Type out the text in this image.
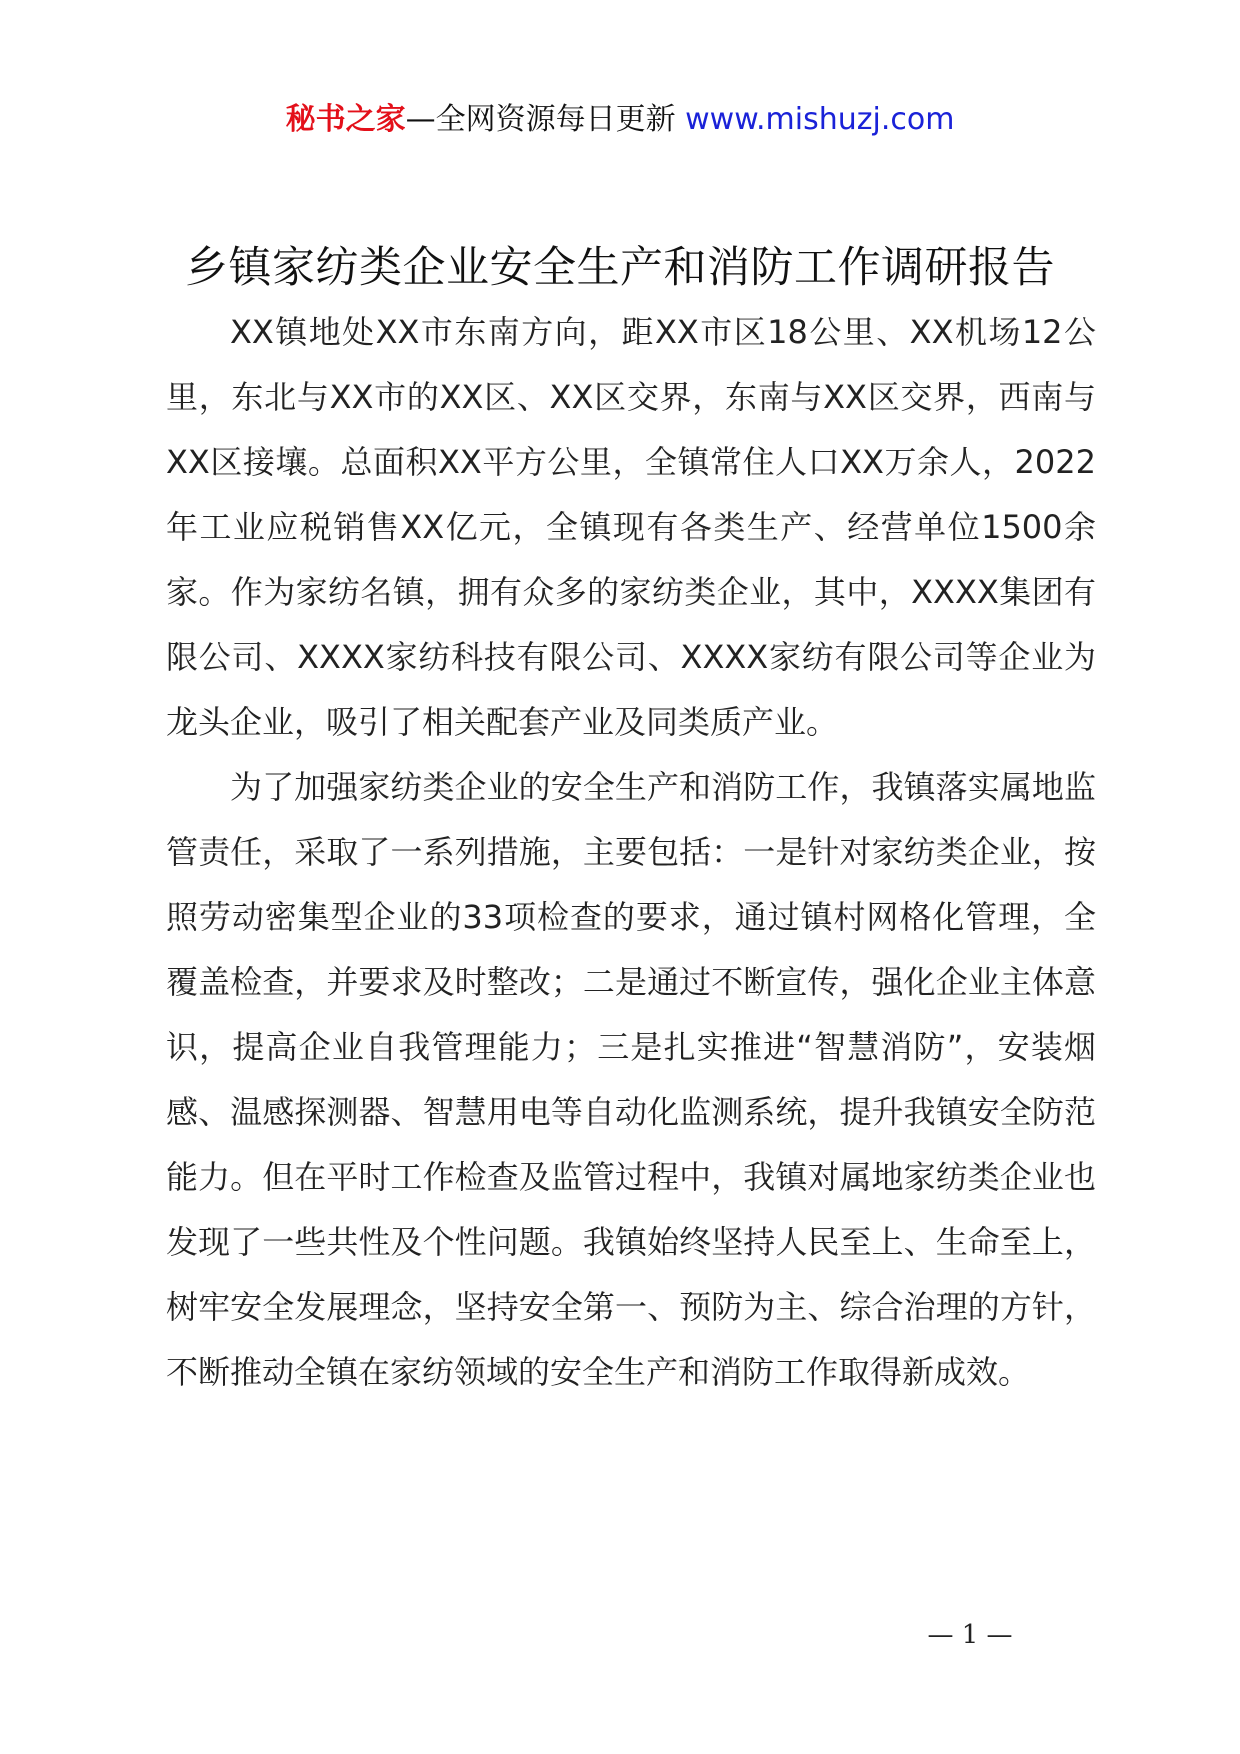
秘书之家—全网资源每日更新 www.mishuzj.com
乡镇家纺类企业安全生产和消防工作调研报告

XX镇地处XX市东南方向，距XX市区18公里、XX机场12公里，东北与XX市的XX区、XX区交界，东南与XX区交界，西南与XX区接壤。总面积XX平方公里，全镇常住人口XX万余人，2022年工业应税销售XX亿元，全镇现有各类生产、经营单位1500余家。作为家纺名镇，拥有众多的家纺类企业，其中，XXXX集团有限公司、XXXX家纺科技有限公司、XXXX家纺有限公司等企业为龙头企业，吸引了相关配套产业及同类质产业。

为了加强家纺类企业的安全生产和消防工作，我镇落实属地监管责任，采取了一系列措施，主要包括：一是针对家纺类企业，按照劳动密集型企业的33项检查的要求，通过镇村网格化管理，全覆盖检查，并要求及时整改；二是通过不断宣传，强化企业主体意识，提高企业自我管理能力；三是扎实推进“智慧消防”，安装烟感、温感探测器、智慧用电等自动化监测系统，提升我镇安全防范能力。但在平时工作检查及监管过程中，我镇对属地家纺类企业也发现了一些共性及个性问题。我镇始终坚持人民至上、生命至上，树牢安全发展理念，坚持安全第一、预防为主、综合治理的方针，不断推动全镇在家纺领域的安全生产和消防工作取得新成效。

— 1 —
